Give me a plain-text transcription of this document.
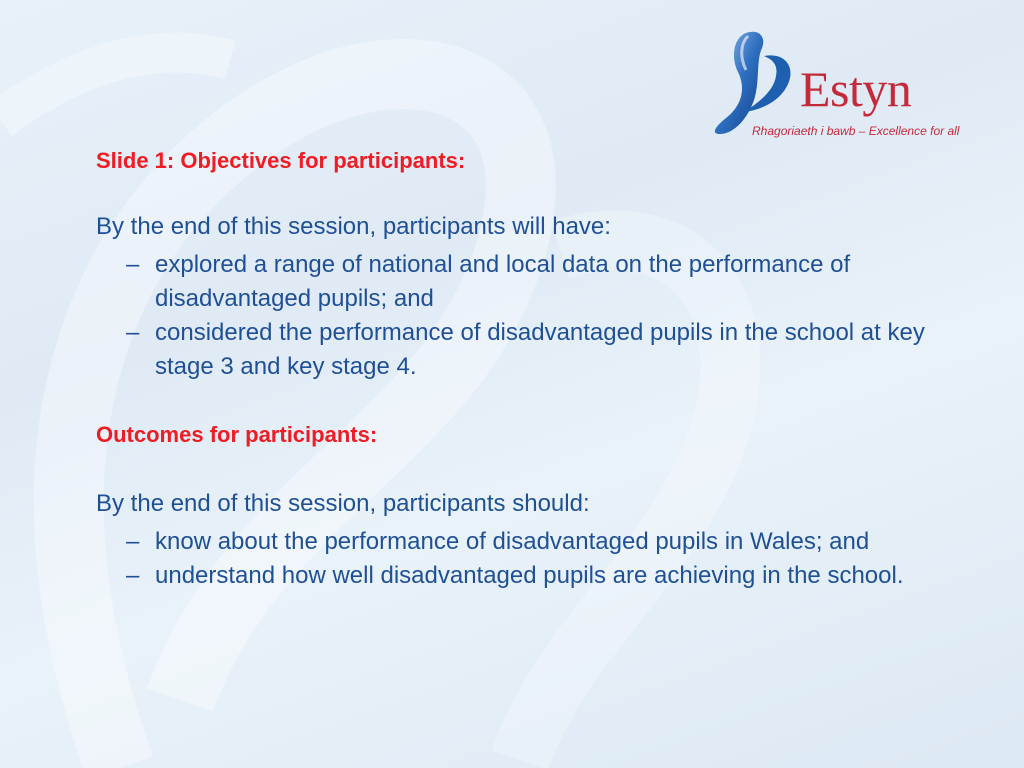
Estyn
Rhagoriaeth i bawb – Excellence for all
Slide 1: Objectives for participants:

By the end of this session, participants will have:

– explored a range of national and local data on the performance of disadvantaged pupils; and
– considered the performance of disadvantaged pupils in the school at key stage 3 and key stage 4.
Outcomes for participants:

By the end of this session, participants should:

– know about the performance of disadvantaged pupils in Wales; and
– understand how well disadvantaged pupils are achieving in the school.
